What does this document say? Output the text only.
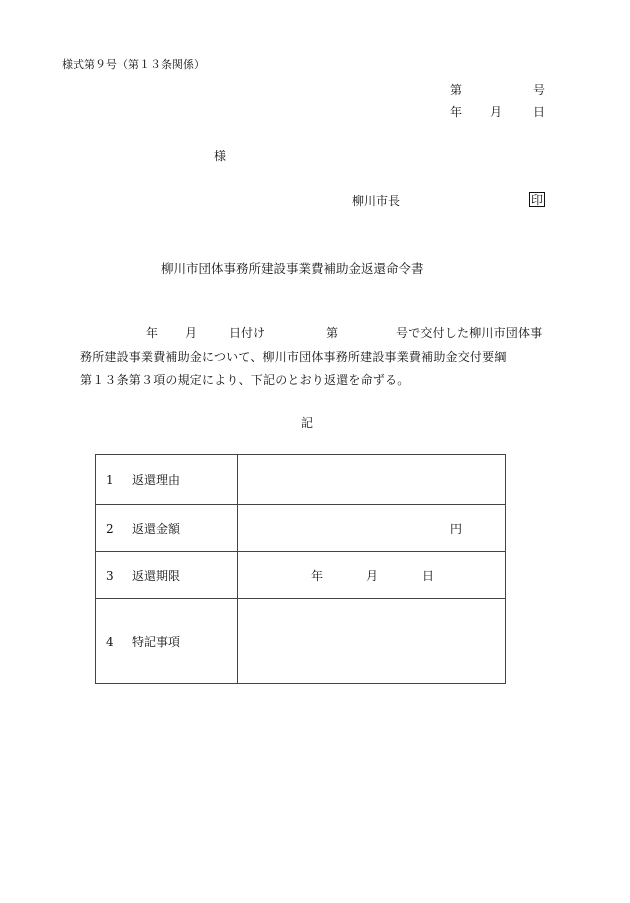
様式第９号（第１３条関係）
第	号
年 月	日
様
柳川市長	印
柳川市団体事務所建設事業費補助金返還命令書
年 月	日付け	第	号で交付した柳川市団体事
務所建設事業費補助金について、柳川市団体事務所建設事業費補助金交付要綱
第１３条第３項の規定により、下記のとおり返還を命ずる。
記
1 返還理由	
2 返還金額	円

3 返還期限	年 月 日

4 特記事項	
